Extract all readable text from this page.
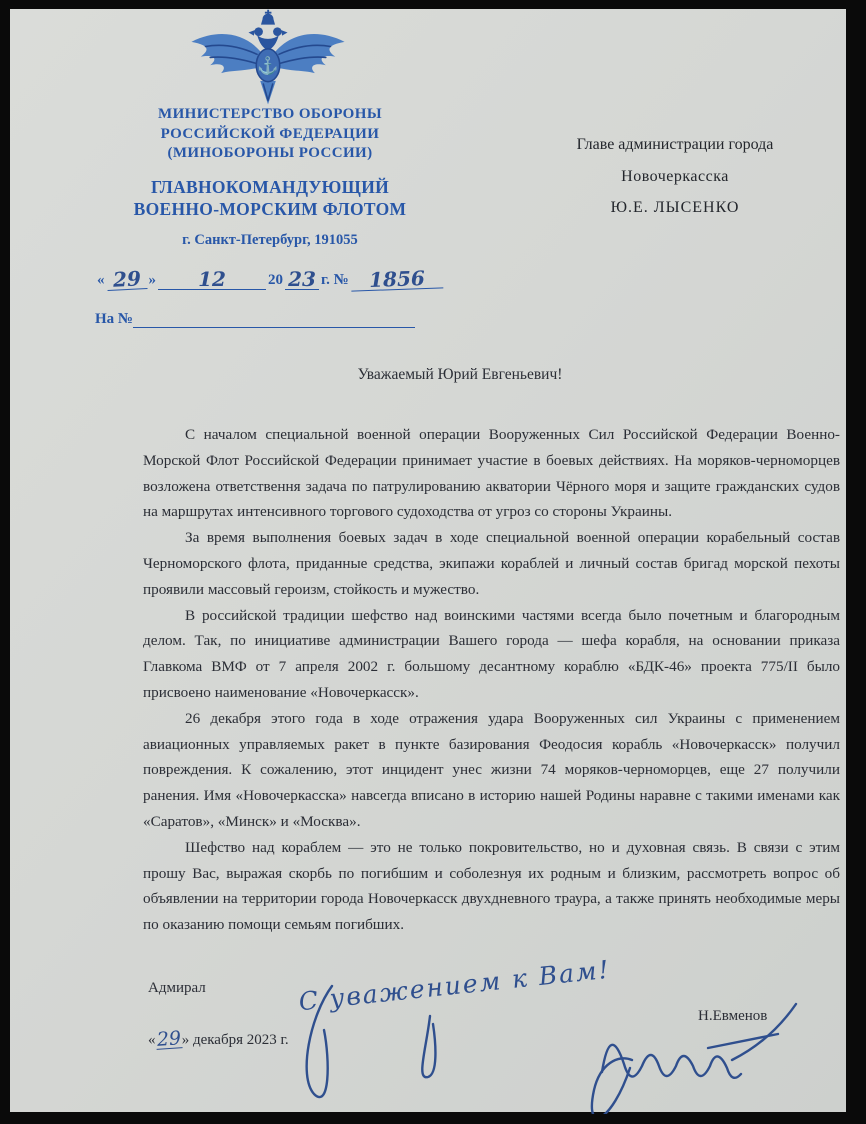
⚓
МИНИСТЕРСТВО ОБОРОНЫ
РОССИЙСКОЙ ФЕДЕРАЦИИ
(МИНОБОРОНЫ РОССИИ)
ГЛАВНОКОМАНДУЮЩИЙ
ВОЕННО-МОРСКИМ ФЛОТОМ
г. Санкт-Петербург, 191055
Главе администрации города
Новочеркасска
Ю.Е. ЛЫСЕНКО
« 29 »	12	20 23 г. № 1856
На №
Уважаемый Юрий Евгеньевич!

С началом специальной военной операции Вооруженных Сил Российской Федерации Военно-Морской Флот Российской Федерации принимает участие в боевых действиях. На моряков-черноморцев возложена ответствення задача по патрулированию акватории Чёрного моря и защите гражданских судов на маршрутах интенсивного торгового судоходства от угроз со стороны Украины.

За время выполнения боевых задач в ходе специальной военной операции корабельный состав Черноморского флота, приданные средства, экипажи кораблей и личный состав бригад морской пехоты проявили массовый героизм, стойкость и мужество.

В российской традиции шефство над воинскими частями всегда было почетным и благородным делом. Так, по инициативе администрации Вашего города — шефа корабля, на основании приказа Главкома ВМФ от 7 апреля 2002 г. большому десантному кораблю «БДК-46» проекта 775/II было присвоено наименование «Новочеркасск».

26 декабря этого года в ходе отражения удара Вооруженных сил Украины с применением авиационных управляемых ракет в пункте базирования Феодосия корабль «Новочеркасск» получил повреждения. К сожалению, этот инцидент унес жизни 74 моряков-черноморцев, еще 27 получили ранения. Имя «Новочеркасска» навсегда вписано в историю нашей Родины наравне с такими именами как «Саратов», «Минск» и «Москва».

Шефство над кораблем — это не только покровительство, но и духовная связь. В связи с этим прошу Вас, выражая скорбь по погибшим и соболезнуя их родным и близким, рассмотреть вопрос об объявлении на территории города Новочеркасск двухдневного траура, а также принять необходимые меры по оказанию помощи семьям погибших.

Адмирал	С уважением к Вам!	Н.Евменов
« 29 » декабря 2023 г.
